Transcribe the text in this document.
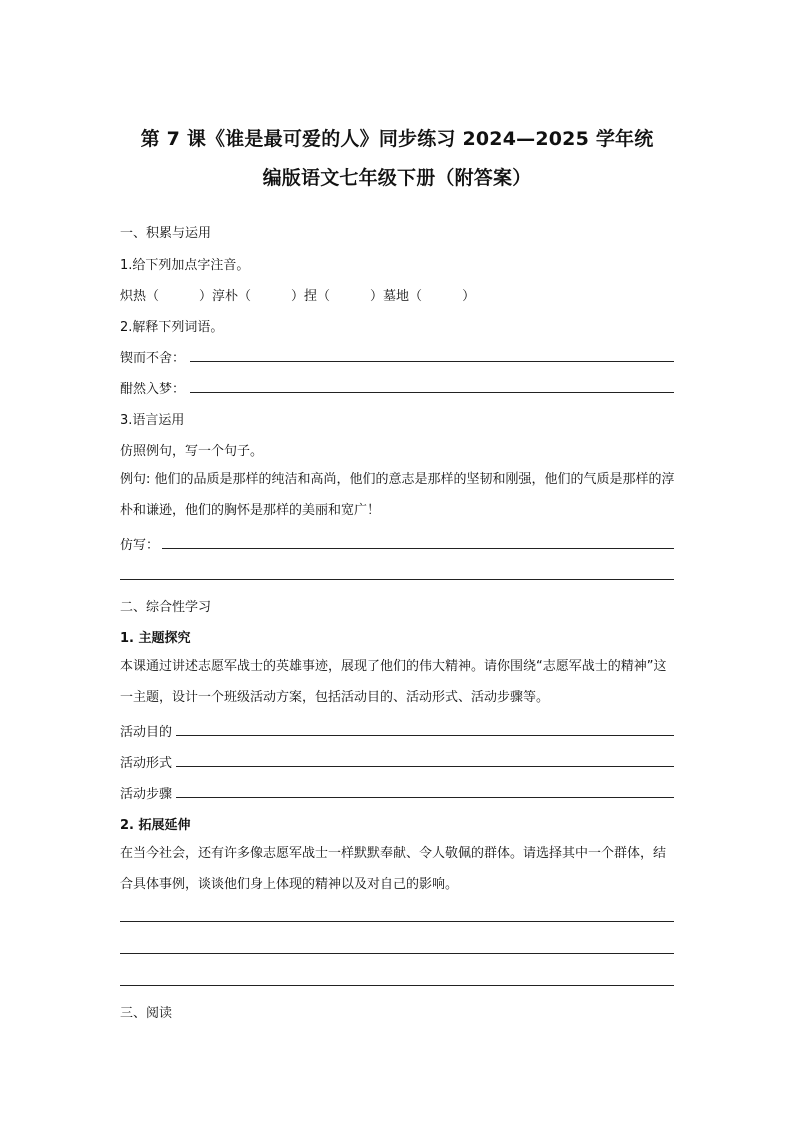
第 7 课《谁是最可爱的人》同步练习 2024—2025 学年统
编版语文七年级下册（附答案）
一、积累与运用
1.给下列加点字注音。
炽热（	）淳朴（	）捏（	）墓地（	）
2.解释下列词语。
锲而不舍：
酣然入梦：
3.语言运用
仿照例句，写一个句子。
例句: 他们的品质是那样的纯洁和高尚，他们的意志是那样的坚韧和刚强，他们的气质是那样的淳朴和谦逊，他们的胸怀是那样的美丽和宽广！
仿写：
二、综合性学习
1. 主题探究
本课通过讲述志愿军战士的英雄事迹，展现了他们的伟大精神。请你围绕“志愿军战士的精神”这一主题，设计一个班级活动方案，包括活动目的、活动形式、活动步骤等。
活动目的
活动形式
活动步骤
2. 拓展延伸
在当今社会，还有许多像志愿军战士一样默默奉献、令人敬佩的群体。请选择其中一个群体，结合具体事例，谈谈他们身上体现的精神以及对自己的影响。
三、阅读
